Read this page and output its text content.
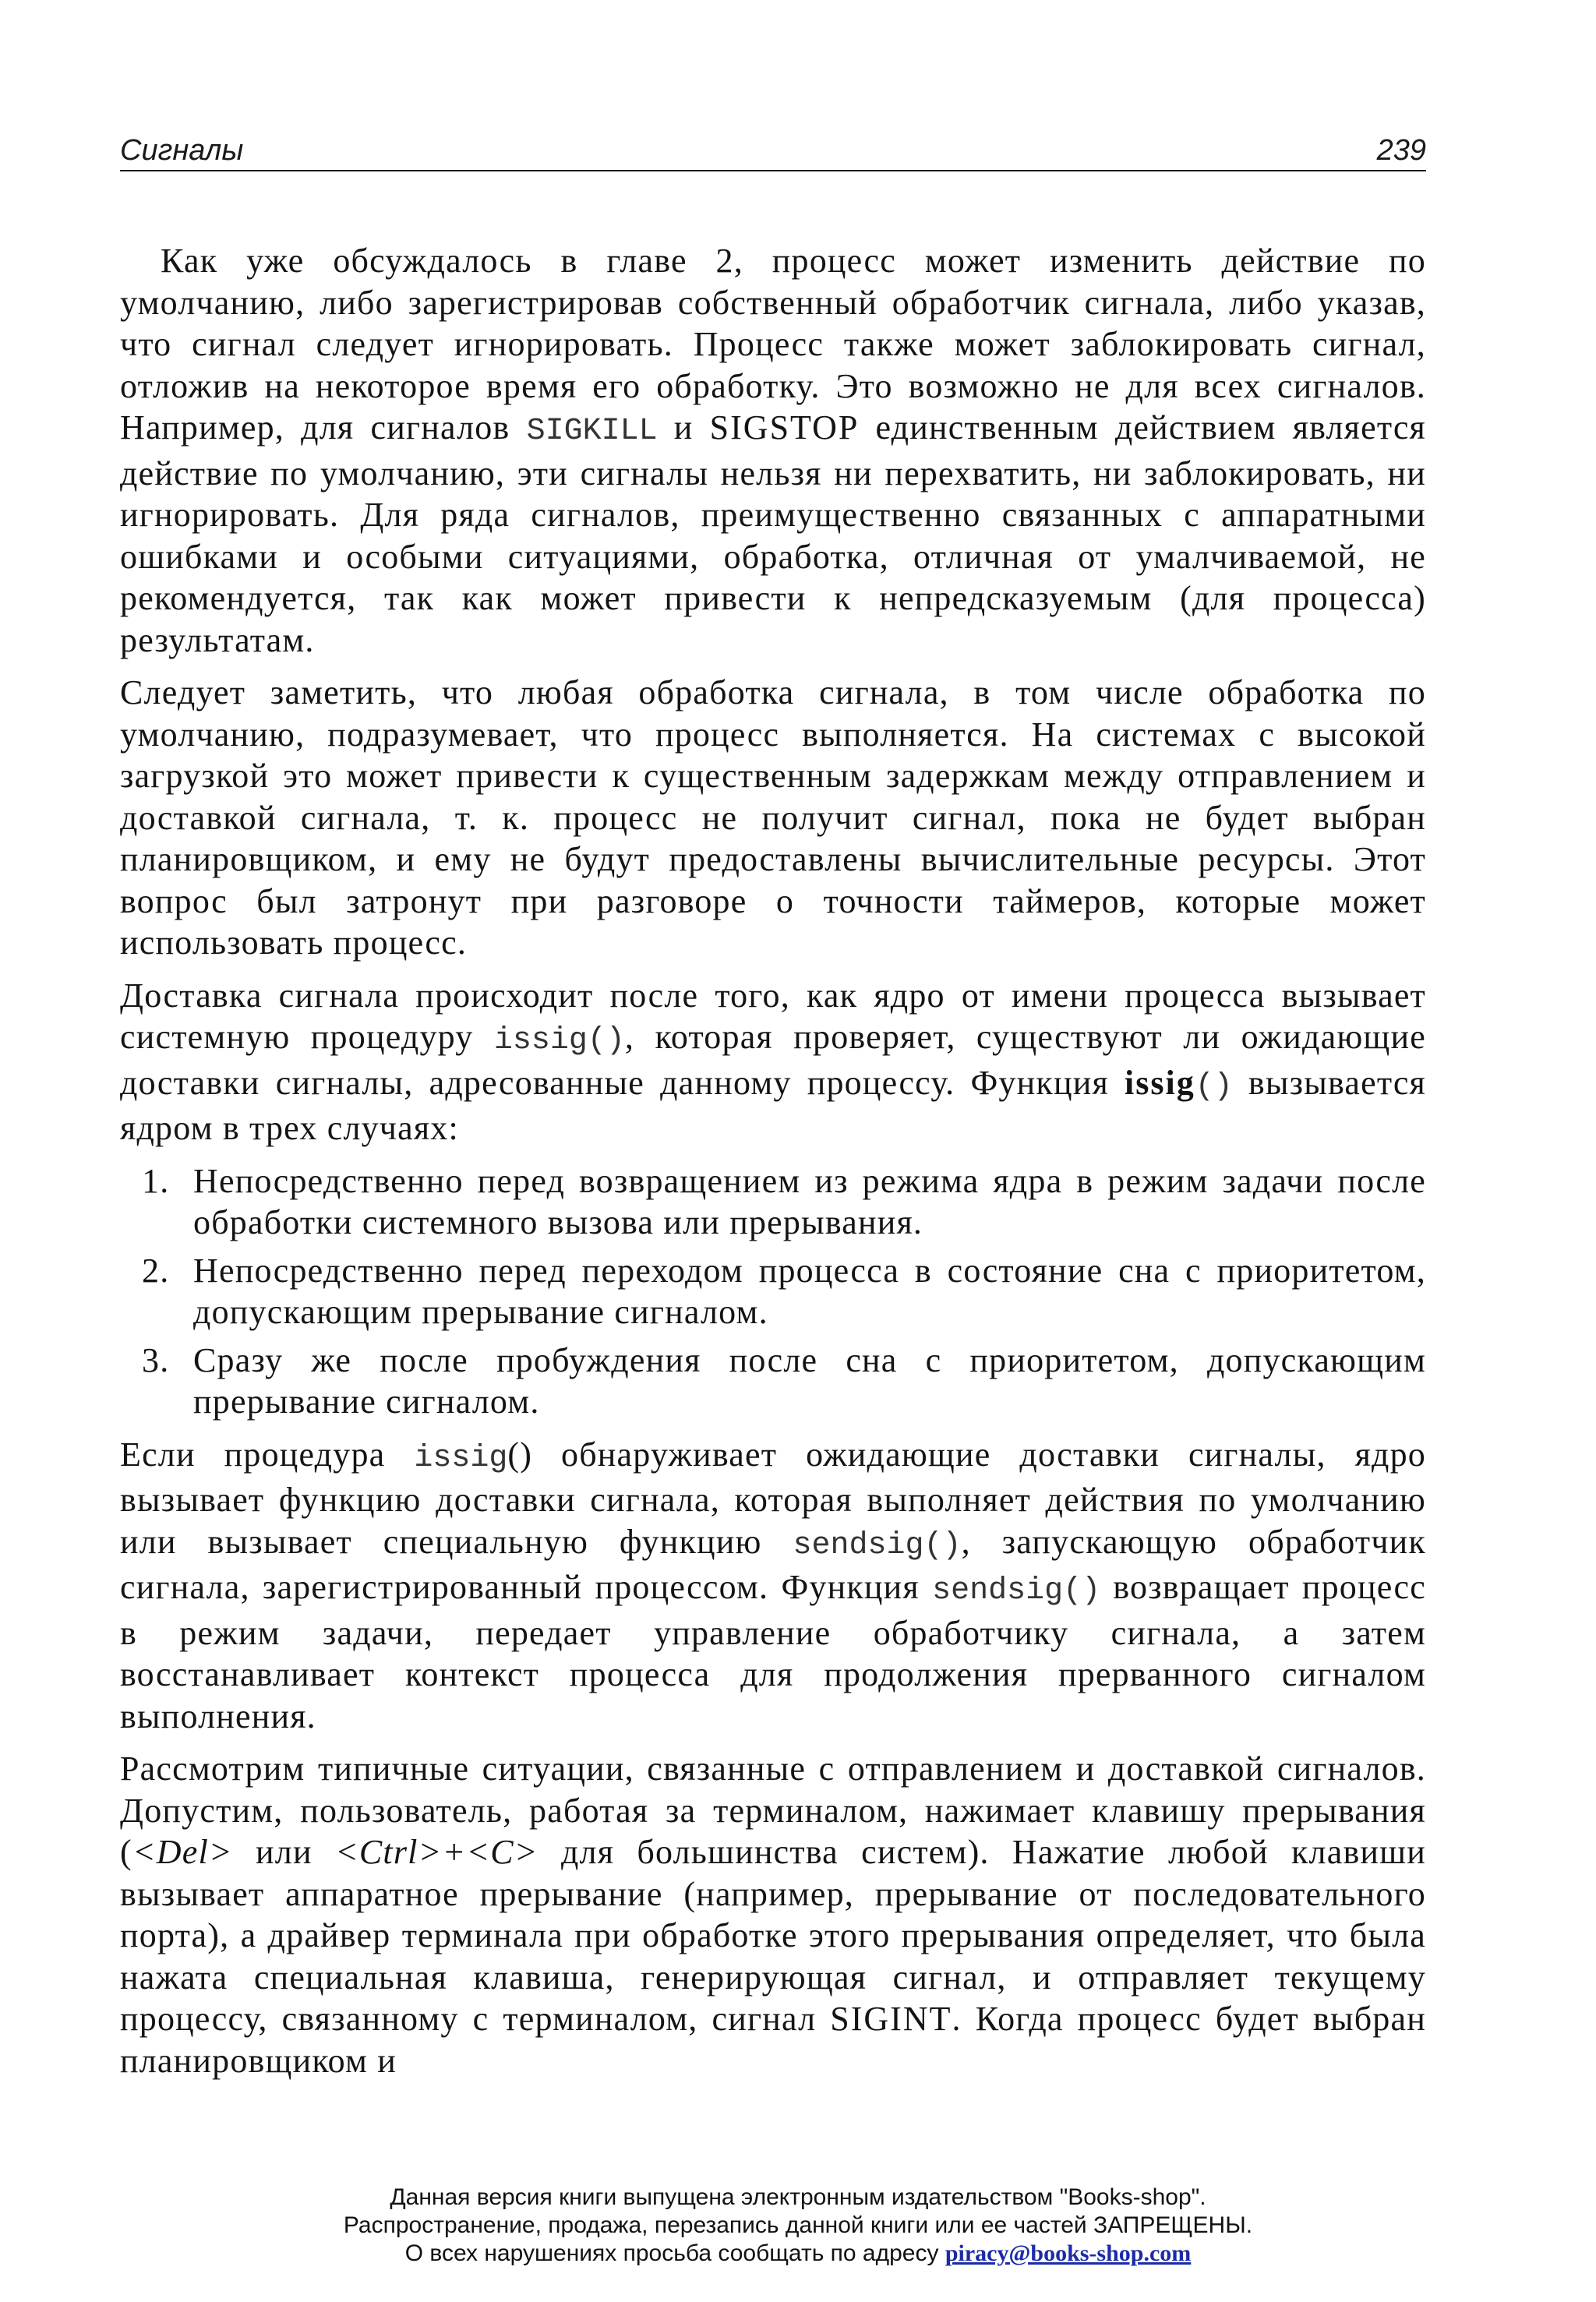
Сигналы	239

Как уже обсуждалось в главе 2, процесс может изменить действие по умолчанию, либо зарегистрировав собственный обработчик сигнала, либо указав, что сигнал следует игнорировать. Процесс также может заблокировать сигнал, отложив на некоторое время его обработку. Это возможно не для всех сигналов. Например, для сигналов SIGKILL и SIGSTOP единственным действием является действие по умолчанию, эти сигналы нельзя ни перехватить, ни заблокировать, ни игнорировать. Для ряда сигналов, преимущественно связанных с аппаратными ошибками и особыми ситуациями, обработка, отличная от умалчиваемой, не рекомендуется, так как может привести к непредсказуемым (для процесса) результатам.

Следует заметить, что любая обработка сигнала, в том числе обработка по умолчанию, подразумевает, что процесс выполняется. На системах с высокой загрузкой это может привести к существенным задержкам между отправлением и доставкой сигнала, т. к. процесс не получит сигнал, пока не будет выбран планировщиком, и ему не будут предоставлены вычислительные ресурсы. Этот вопрос был затронут при разговоре о точности таймеров, которые может использовать процесс.

Доставка сигнала происходит после того, как ядро от имени процесса вызывает системную процедуру issig(), которая проверяет, существуют ли ожидающие доставки сигналы, адресованные данному процессу. Функция issig() вызывается ядром в трех случаях:

1. Непосредственно перед возвращением из режима ядра в режим задачи после обработки системного вызова или прерывания.
2. Непосредственно перед переходом процесса в состояние сна с приоритетом, допускающим прерывание сигналом.
3. Сразу же после пробуждения после сна с приоритетом, допускающим прерывание сигналом.

Если процедура issig() обнаруживает ожидающие доставки сигналы, ядро вызывает функцию доставки сигнала, которая выполняет действия по умолчанию или вызывает специальную функцию sendsig(), запускающую обработчик сигнала, зарегистрированный процессом. Функция sendsig() возвращает процесс в режим задачи, передает управление обработчику сигнала, а затем восстанавливает контекст процесса для продолжения прерванного сигналом выполнения.

Рассмотрим типичные ситуации, связанные с отправлением и доставкой сигналов. Допустим, пользователь, работая за терминалом, нажимает клавишу прерывания (<Del> или <Ctrl>+<C> для большинства систем). Нажатие любой клавиши вызывает аппаратное прерывание (например, прерывание от последовательного порта), а драйвер терминала при обработке этого прерывания определяет, что была нажата специальная клавиша, генерирующая сигнал, и отправляет текущему процессу, связанному с терминалом, сигнал SIGINT. Когда процесс будет выбран планировщиком и

Данная версия книги выпущена электронным издательством "Books-shop".
Распространение, продажа, перезапись данной книги или ее частей ЗАПРЕЩЕНЫ.
О всех нарушениях просьба сообщать по адресу piracy@books-shop.com
